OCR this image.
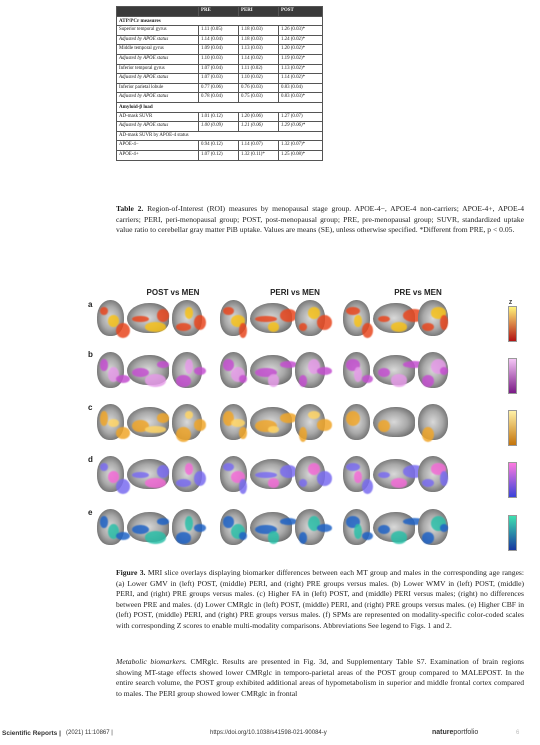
	PRE	PERI	POST
ATP/PCr measures			
Superior temporal gyrus	1.11 (0.05)	1.18 (0.03)	1.26 (0.03)*
Adjusted by APOE status	1.14 (0.04)	1.18 (0.03)	1.24 (0.02)*
Middle temporal gyrus	1.09 (0.04)	1.13 (0.03)	1.20 (0.02)*
Adjusted by APOE status	1.10 (0.03)	1.14 (0.02)	1.19 (0.02)*
Inferior temporal gyrus	1.07 (0.04)	1.11 (0.02)	1.13 (0.02)*
Adjusted by APOE status	1.07 (0.03)	1.10 (0.02)	1.14 (0.02)*
Inferior parietal lobule	0.77 (0.06)	0.76 (0.03)	0.83 (0.04)
Adjusted by APOE status	0.78 (0.04)	0.75 (0.03)	0.83 (0.03)*
Amyloid-β load			
AD-mask SUVR	1.01 (0.12)	1.20 (0.06)	1.27 (0.07)
Adjusted by APOE status	1.00 (0.09)	1.21 (0.06)	1.29 (0.06)*
AD-mask SUVR by APOE-4 status			
APOE-4−	0.94 (0.12)	1.14 (0.07)	1.32 (0.07)*
APOE-4+	1.07 (0.12)	1.32 (0.11)*	1.25 (0.08)*
Table 2. Region-of-Interest (ROI) measures by menopausal stage group. APOE-4−, APOE-4 non-carriers; APOE-4+, APOE-4 carriers; PERI, peri-menopausal group; POST, post-menopausal group; PRE, pre-menopausal group; SUVR, standardized uptake value ratio to cerebellar gray matter PiB uptake. Values are means (SE), unless otherwise specified. *Different from PRE, p < 0.05.
POST vs MEN	PERI vs MEN	PRE vs MEN
Z
a
b
c
d
e
Figure 3. MRI slice overlays displaying biomarker differences between each MT group and males in the corresponding age ranges: (a) Lower GMV in (left) POST, (middle) PERI, and (right) PRE groups versus males. (b) Lower WMV in (left) POST, (middle) PERI, and (right) PRE groups versus males. (c) Higher FA in (left) POST, and (middle) PERI versus males; (right) no differences between PRE and males. (d) Lower CMRglc in (left) POST, (middle) PERI, and (right) PRE groups versus males. (e) Higher CBF in (left) POST, (middle) PERI, and (right) PRE groups versus males. (f) SPMs are represented on modality-specific color-coded scales with corresponding Z scores to enable multi-modality comparisons. Abbreviations See legend to Figs. 1 and 2.
Metabolic biomarkers. CMRglc. Results are presented in Fig. 3d, and Supplementary Table S7. Examination of brain regions showing MT-stage effects showed lower CMRglc in temporo-parietal areas of the POST group compared to MALEPOST. In the entire search volume, the POST group exhibited additional areas of hypometabolism in superior and middle frontal cortex compared to males. The PERI group showed lower CMRglc in frontal
Scientific Reports | (2021) 11:10867 |	https://doi.org/10.1038/s41598-021-90084-y	natureportfolio	6
